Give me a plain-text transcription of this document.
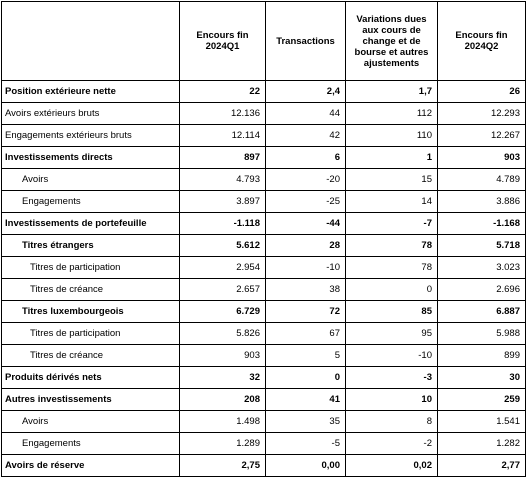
	Encours fin 2024Q1	Transactions	Variations dues aux cours de change et de bourse et autres ajustements	Encours fin 2024Q2
Position extérieure nette	22	2,4	1,7	26
Avoirs extérieurs bruts	12.136	44	112	12.293
Engagements extérieurs bruts	12.114	42	110	12.267
Investissements directs	897	6	1	903
Avoirs	4.793	-20	15	4.789
Engagements	3.897	-25	14	3.886
Investissements de portefeuille	-1.118	-44	-7	-1.168
Titres étrangers	5.612	28	78	5.718
Titres de participation	2.954	-10	78	3.023
Titres de créance	2.657	38	0	2.696
Titres luxembourgeois	6.729	72	85	6.887
Titres de participation	5.826	67	95	5.988
Titres de créance	903	5	-10	899
Produits dérivés nets	32	0	-3	30
Autres investissements	208	41	10	259
Avoirs	1.498	35	8	1.541
Engagements	1.289	-5	-2	1.282
Avoirs de réserve	2,75	0,00	0,02	2,77
